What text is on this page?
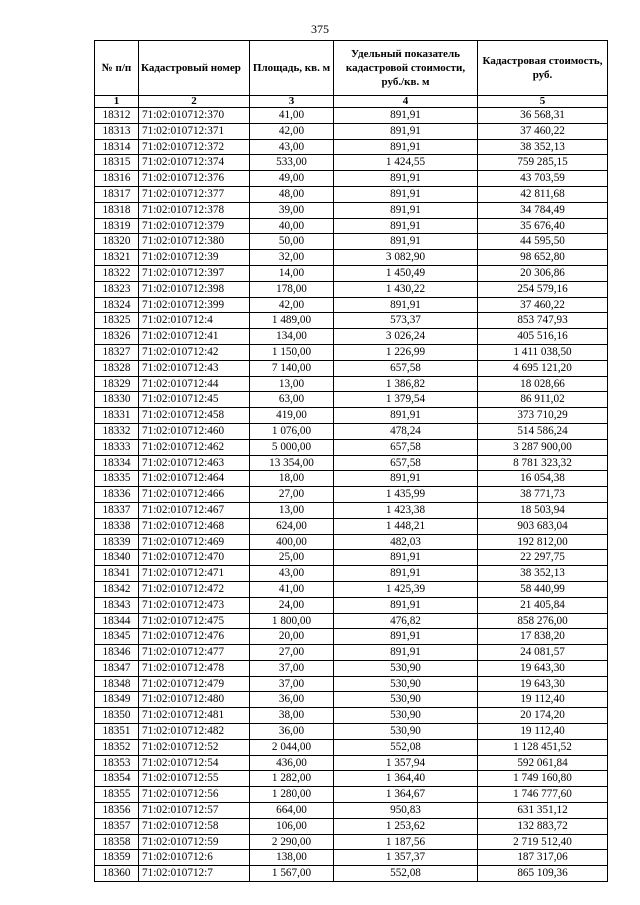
375
№ п/п	Кадастровый номер	Площадь, кв. м	Удельный показатель кадастровой стоимости, руб./кв. м	Кадастровая стоимость, руб.
1	2	3	4	5
18312	71:02:010712:370	41,00	891,91	36 568,31
18313	71:02:010712:371	42,00	891,91	37 460,22
18314	71:02:010712:372	43,00	891,91	38 352,13
18315	71:02:010712:374	533,00	1 424,55	759 285,15
18316	71:02:010712:376	49,00	891,91	43 703,59
18317	71:02:010712:377	48,00	891,91	42 811,68
18318	71:02:010712:378	39,00	891,91	34 784,49
18319	71:02:010712:379	40,00	891,91	35 676,40
18320	71:02:010712:380	50,00	891,91	44 595,50
18321	71:02:010712:39	32,00	3 082,90	98 652,80
18322	71:02:010712:397	14,00	1 450,49	20 306,86
18323	71:02:010712:398	178,00	1 430,22	254 579,16
18324	71:02:010712:399	42,00	891,91	37 460,22
18325	71:02:010712:4	1 489,00	573,37	853 747,93
18326	71:02:010712:41	134,00	3 026,24	405 516,16
18327	71:02:010712:42	1 150,00	1 226,99	1 411 038,50
18328	71:02:010712:43	7 140,00	657,58	4 695 121,20
18329	71:02:010712:44	13,00	1 386,82	18 028,66
18330	71:02:010712:45	63,00	1 379,54	86 911,02
18331	71:02:010712:458	419,00	891,91	373 710,29
18332	71:02:010712:460	1 076,00	478,24	514 586,24
18333	71:02:010712:462	5 000,00	657,58	3 287 900,00
18334	71:02:010712:463	13 354,00	657,58	8 781 323,32
18335	71:02:010712:464	18,00	891,91	16 054,38
18336	71:02:010712:466	27,00	1 435,99	38 771,73
18337	71:02:010712:467	13,00	1 423,38	18 503,94
18338	71:02:010712:468	624,00	1 448,21	903 683,04
18339	71:02:010712:469	400,00	482,03	192 812,00
18340	71:02:010712:470	25,00	891,91	22 297,75
18341	71:02:010712:471	43,00	891,91	38 352,13
18342	71:02:010712:472	41,00	1 425,39	58 440,99
18343	71:02:010712:473	24,00	891,91	21 405,84
18344	71:02:010712:475	1 800,00	476,82	858 276,00
18345	71:02:010712:476	20,00	891,91	17 838,20
18346	71:02:010712:477	27,00	891,91	24 081,57
18347	71:02:010712:478	37,00	530,90	19 643,30
18348	71:02:010712:479	37,00	530,90	19 643,30
18349	71:02:010712:480	36,00	530,90	19 112,40
18350	71:02:010712:481	38,00	530,90	20 174,20
18351	71:02:010712:482	36,00	530,90	19 112,40
18352	71:02:010712:52	2 044,00	552,08	1 128 451,52
18353	71:02:010712:54	436,00	1 357,94	592 061,84
18354	71:02:010712:55	1 282,00	1 364,40	1 749 160,80
18355	71:02:010712:56	1 280,00	1 364,67	1 746 777,60
18356	71:02:010712:57	664,00	950,83	631 351,12
18357	71:02:010712:58	106,00	1 253,62	132 883,72
18358	71:02:010712:59	2 290,00	1 187,56	2 719 512,40
18359	71:02:010712:6	138,00	1 357,37	187 317,06
18360	71:02:010712:7	1 567,00	552,08	865 109,36
